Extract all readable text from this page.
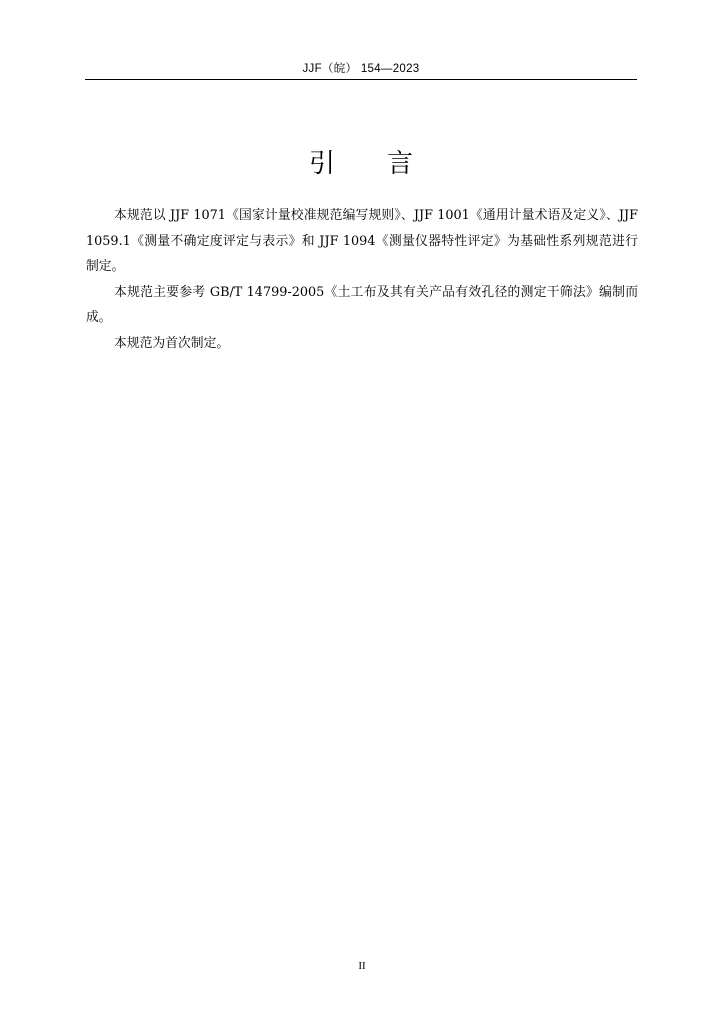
JJF（皖） 154—2023
引言

本规范以 JJF 1071《国家计量校准规范编写规则》、JJF 1001《通用计量术语及定义》、JJF 1059.1《测量不确定度评定与表示》和 JJF 1094《测量仪器特性评定》为基础性系列规范进行制定。

本规范主要参考 GB/T 14799-2005《土工布及其有关产品有效孔径的测定干筛法》编制而成。

本规范为首次制定。

II
